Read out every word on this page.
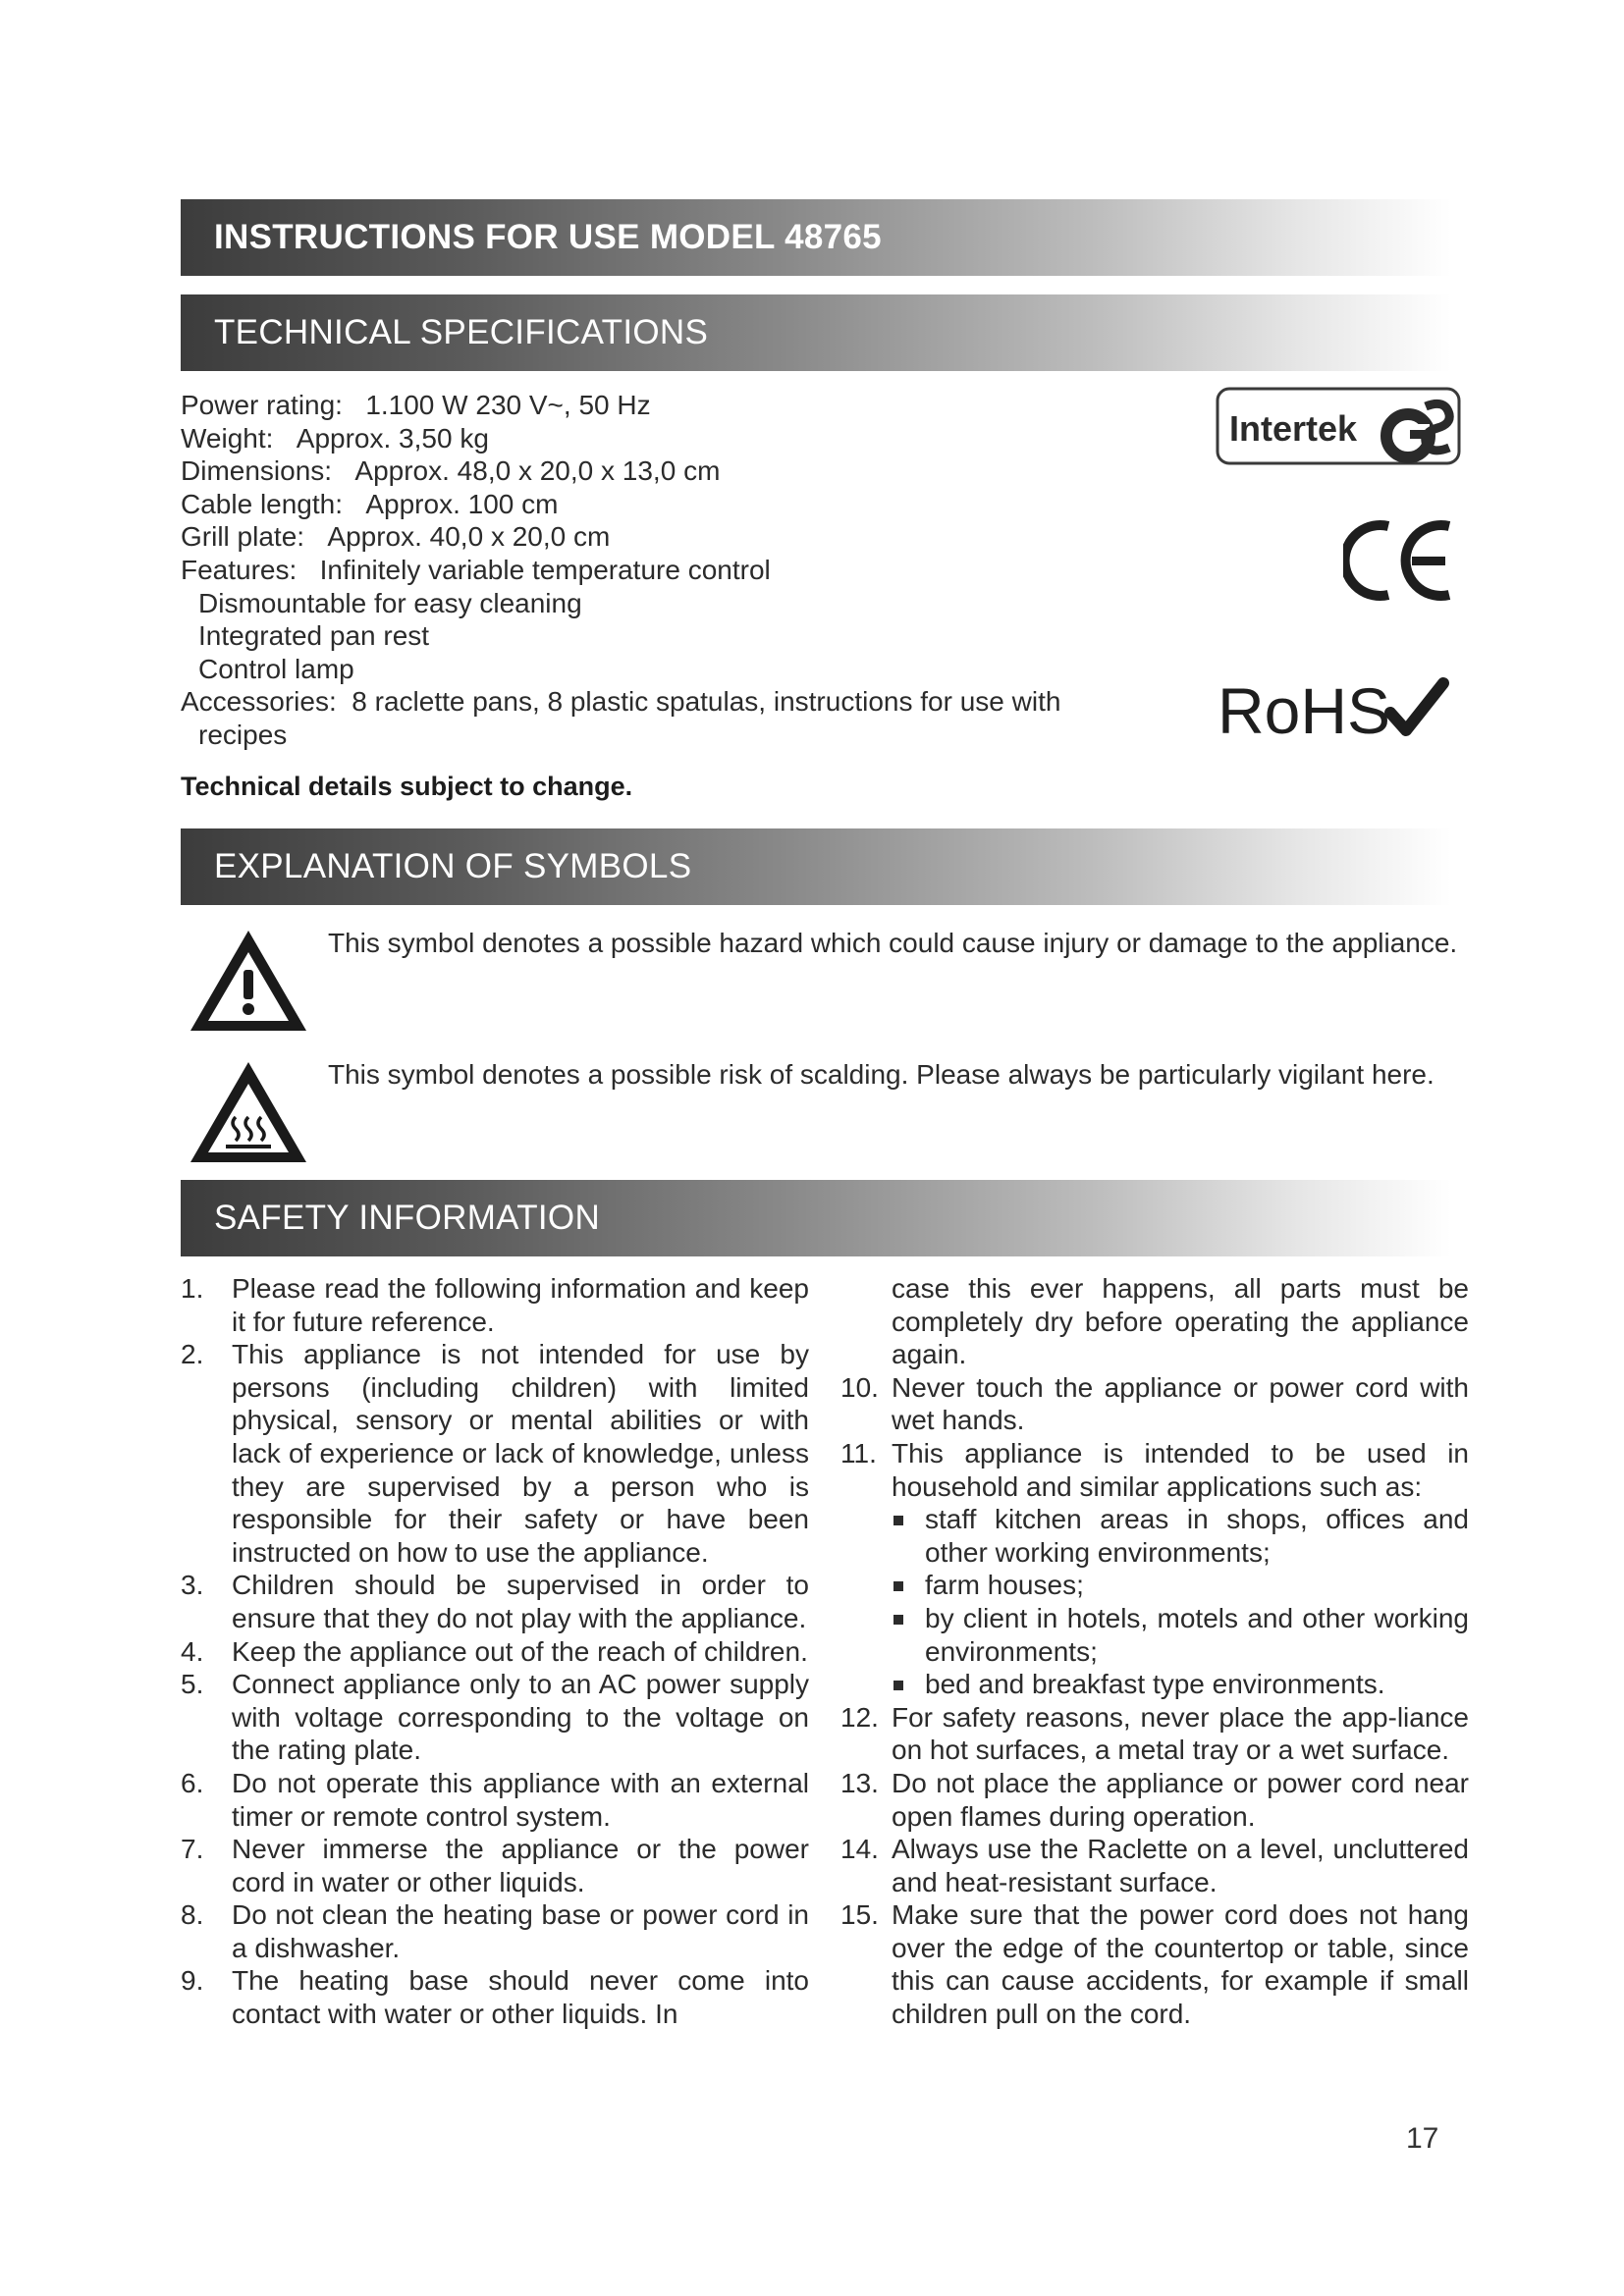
INSTRUCTIONS FOR USE MODEL 48765
TECHNICAL SPECIFICATIONS
Power rating: 1.100 W 230 V~, 50 Hz
Weight: Approx. 3,50 kg
Dimensions: Approx. 48,0 x 20,0 x 13,0 cm
Cable length: Approx. 100 cm
Grill plate: Approx. 40,0 x 20,0 cm
Features: Infinitely variable temperature control
Dismountable for easy cleaning
Integrated pan rest
Control lamp
Accessories: 8 raclette pans, 8 plastic spatulas, instructions for use with
recipes
Technical details subject to change.
Intertek
RoHS
EXPLANATION OF SYMBOLS
This symbol denotes a possible hazard which could cause injury or damage to the appliance.
This symbol denotes a possible risk of scalding. Please always be particularly vigilant here.
SAFETY INFORMATION
1. Please read the following information and keep it for future reference.
2. This appliance is not intended for use by persons (including children) with limited physical, sensory or mental abilities or with lack of experience or lack of knowledge, unless they are supervised by a person who is responsible for their safety or have been instructed on how to use the appliance.
3. Children should be supervised in order to ensure that they do not play with the appliance.
4. Keep the appliance out of the reach of children.
5. Connect appliance only to an AC power supply with voltage corresponding to the voltage on the rating plate.
6. Do not operate this appliance with an external timer or remote control system.
7. Never immerse the appliance or the power cord in water or other liquids.
8. Do not clean the heating base or power cord in a dishwasher.
9. The heating base should never come into contact with water or other liquids. In
case this ever happens, all parts must be completely dry before operating the appliance again.
10. Never touch the appliance or power cord with wet hands.
11. This appliance is intended to be used in household and similar applications such as:
staff kitchen areas in shops, offices and other working environments;
farm houses;
by client in hotels, motels and other working environments;
bed and breakfast type environments.
12. For safety reasons, never place the app-liance on hot surfaces, a metal tray or a wet surface.
13. Do not place the appliance or power cord near open flames during operation.
14. Always use the Raclette on a level, uncluttered and heat-resistant surface.
15. Make sure that the power cord does not hang over the edge of the countertop or table, since this can cause accidents, for example if small children pull on the cord.
17
